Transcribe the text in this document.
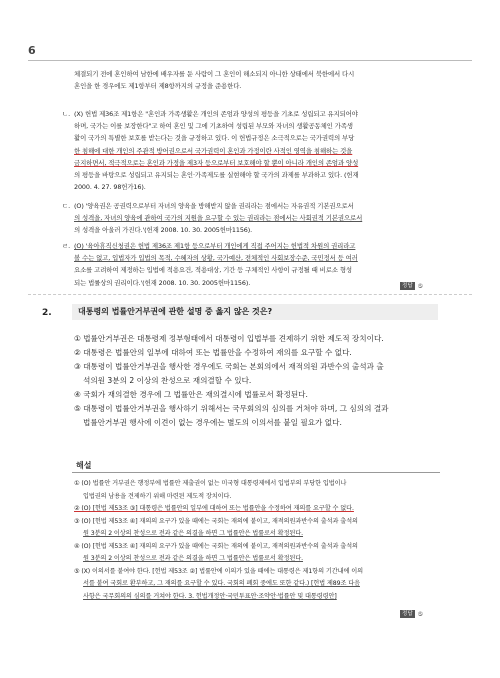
6
체결되기 전에 혼인하여 남한에 배우자를 둔 사람이 그 혼인이 해소되지 아니한 상태에서 북한에서 다시
혼인을 한 경우에도 제1항부터 제8항까지의 규정을 준용한다.
ㄴ. (X) 헌법 제36조 제1항은 "혼인과 가족생활은 개인의 존엄과 양성의 평등을 기초로 성립되고 유지되어야
하며, 국가는 이를 보장한다"고 하여 혼인 및 그에 기초하여 성립된 부모와 자녀의 생활공동체인 가족생
활이 국가의 특별한 보호를 받는다는 것을 규정하고 있다. 이 헌법규정은 소극적으로는 국가권력의 부당
한 침해에 대한 개인의 주관적 방어권으로서 국가권력이 혼인과 가정이란 사적인 영역을 침해하는 것을
금지하면서, 적극적으로는 혼인과 가정을 제3자 등으로부터 보호해야 할 뿐이 아니라 개인의 존엄과 양성
의 평등을 바탕으로 성립되고 유지되는 혼인·가족제도를 실현해야 할 국가의 과제를 부과하고 있다. (헌재
2000. 4. 27. 98헌가16).
ㄷ. (O) '양육권은 공권력으로부터 자녀의 양육을 방해받지 않을 권리라는 점에서는 자유권적 기본권으로서
의 성격을, 자녀의 양육에 관하여 국가의 지원을 요구할 수 있는 권리라는 점에서는 사회권적 기본권으로서
의 성격을 아울러 가진다.'(헌재 2008. 10. 30. 2005헌마1156).
ㄹ. (O) '육아휴직신청권은 헌법 제36조 제1항 등으로부터 개인에게 직접 주어지는 헌법적 차원의 권리라고
볼 수는 없고, 입법자가 입법의 목적, 수혜자의 상황, 국가예산, 전체적인 사회보장수준, 국민정서 등 여러
요소를 고려하여 제정하는 입법에 적용요건, 적용대상, 기간 등 구체적인 사항이 규정될 때 비로소 형성
되는 법률상의 권리이다.'(헌재 2008. 10. 30. 2005헌마1156).	정답 ⑤
2.	대통령의 법률안거부권에 관한 설명 중 옳지 않은 것은?
① 법률안거부권은 대통령제 정부형태에서 대통령이 입법부를 견제하기 위한 제도적 장치이다.
② 대통령은 법률안의 일부에 대하여 또는 법률안을 수정하여 재의를 요구할 수 없다.
③ 대통령이 법률안거부권을 행사한 경우에도 국회는 본회의에서 재적의원 과반수의 출석과 출
석의원 3분의 2 이상의 찬성으로 재의결할 수 있다.
④ 국회가 재의결한 경우에 그 법률안은 재의결시에 법률로서 확정된다.
⑤ 대통령이 법률안거부권을 행사하기 위해서는 국무회의의 심의를 거쳐야 하며, 그 심의의 결과
법률안거부권 행사에 이견이 없는 경우에는 별도의 이의서를 붙일 필요가 없다.
해설
① (O) 법률안 거부권은 행정부에 법률안 제출권이 없는 미국형 대통령제에서 입법부의 부당한 입법이나
입법권의 남용을 견제하기 위해 마련된 제도적 장치이다.
② (O) [헌법 제53조 ③] 대통령은 법률안의 일부에 대하여 또는 법률안을 수정하여 재의를 요구할 수 없다.
③ (O) [헌법 제53조 ④] 재의의 요구가 있을 때에는 국회는 재의에 붙이고, 재적의원과반수의 출석과 출석의
원 3분의 2 이상의 찬성으로 전과 같은 의결을 하면 그 법률안은 법률로서 확정된다.
④ (O) [헌법 제53조 ④] 재의의 요구가 있을 때에는 국회는 재의에 붙이고, 재적의원과반수의 출석과 출석의
원 3분의 2 이상의 찬성으로 전과 같은 의결을 하면 그 법률안은 법률로서 확정된다.
⑤ (X) 이의서를 붙여야 한다. [헌법 제53조 ②] 법률안에 이의가 있을 때에는 대통령은 제1항의 기간내에 이의
서를 붙여 국회로 환부하고, 그 재의를 요구할 수 있다. 국회의 폐회 중에도 또한 같다.) [헌법 제89조 다음
사항은 국무회의의 심의를 거쳐야 한다. 3. 헌법개정안·국민투표안·조약안·법률안 및 대통령령안]
정답 ⑤
